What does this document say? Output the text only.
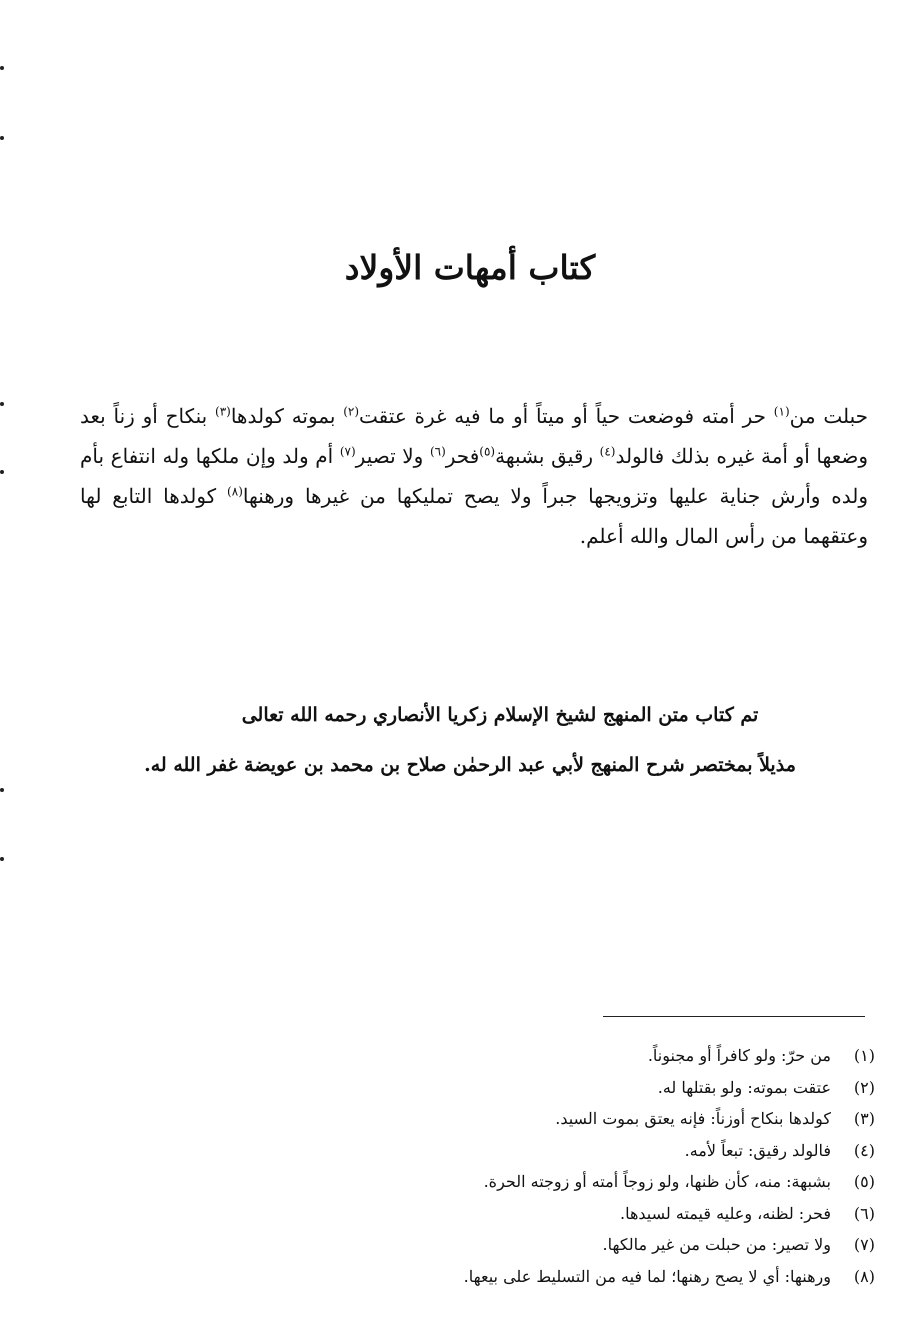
كتاب أمهات الأولاد

حبلت من$^{(١)}$ حر أمته فوضعت حياً أو ميتاً أو ما فيه غرة عتقت$^{(٢)}$ بموته كولدها$^{(٣)}$ بنكاح أو زناً بعد وضعها أو أمة غيره بذلك فالولد$^{(٤)}$ رقيق بشبهة$^{(٥)}$فحر$^{(٦)}$ ولا تصير$^{(٧)}$ أم ولد وإن ملكها وله انتفاع بأم ولده وأرش جناية عليها وتزويجها جبراً ولا يصح تمليكها من غيرها ورهنها$^{(٨)}$ كولدها التابع لها وعتقهما من رأس المال والله أعلم.

تم كتاب متن المنهج لشيخ الإسلام زكريا الأنصاري رحمه الله تعالى
مذيلاً بمختصر شرح المنهج لأبي عبد الرحمٰن صلاح بن محمد بن عويضة غفر الله له.
(١)
من حرّ: ولو كافراً أو مجنوناً.
(٢)
عتقت بموته: ولو بقتلها له.
(٣)
كولدها بنكاح أوزناً: فإنه يعتق بموت السيد.
(٤)
فالولد رقيق: تبعاً لأمه.
(٥)
بشبهة: منه، كأن ظنها، ولو زوجاً أمته أو زوجته الحرة.
(٦)
فحر: لظنه، وعليه قيمته لسيدها.
(٧)
ولا تصير: من حبلت من غير مالكها.
(٨)
ورهنها: أي لا يصح رهنها؛ لما فيه من التسليط على بيعها.
